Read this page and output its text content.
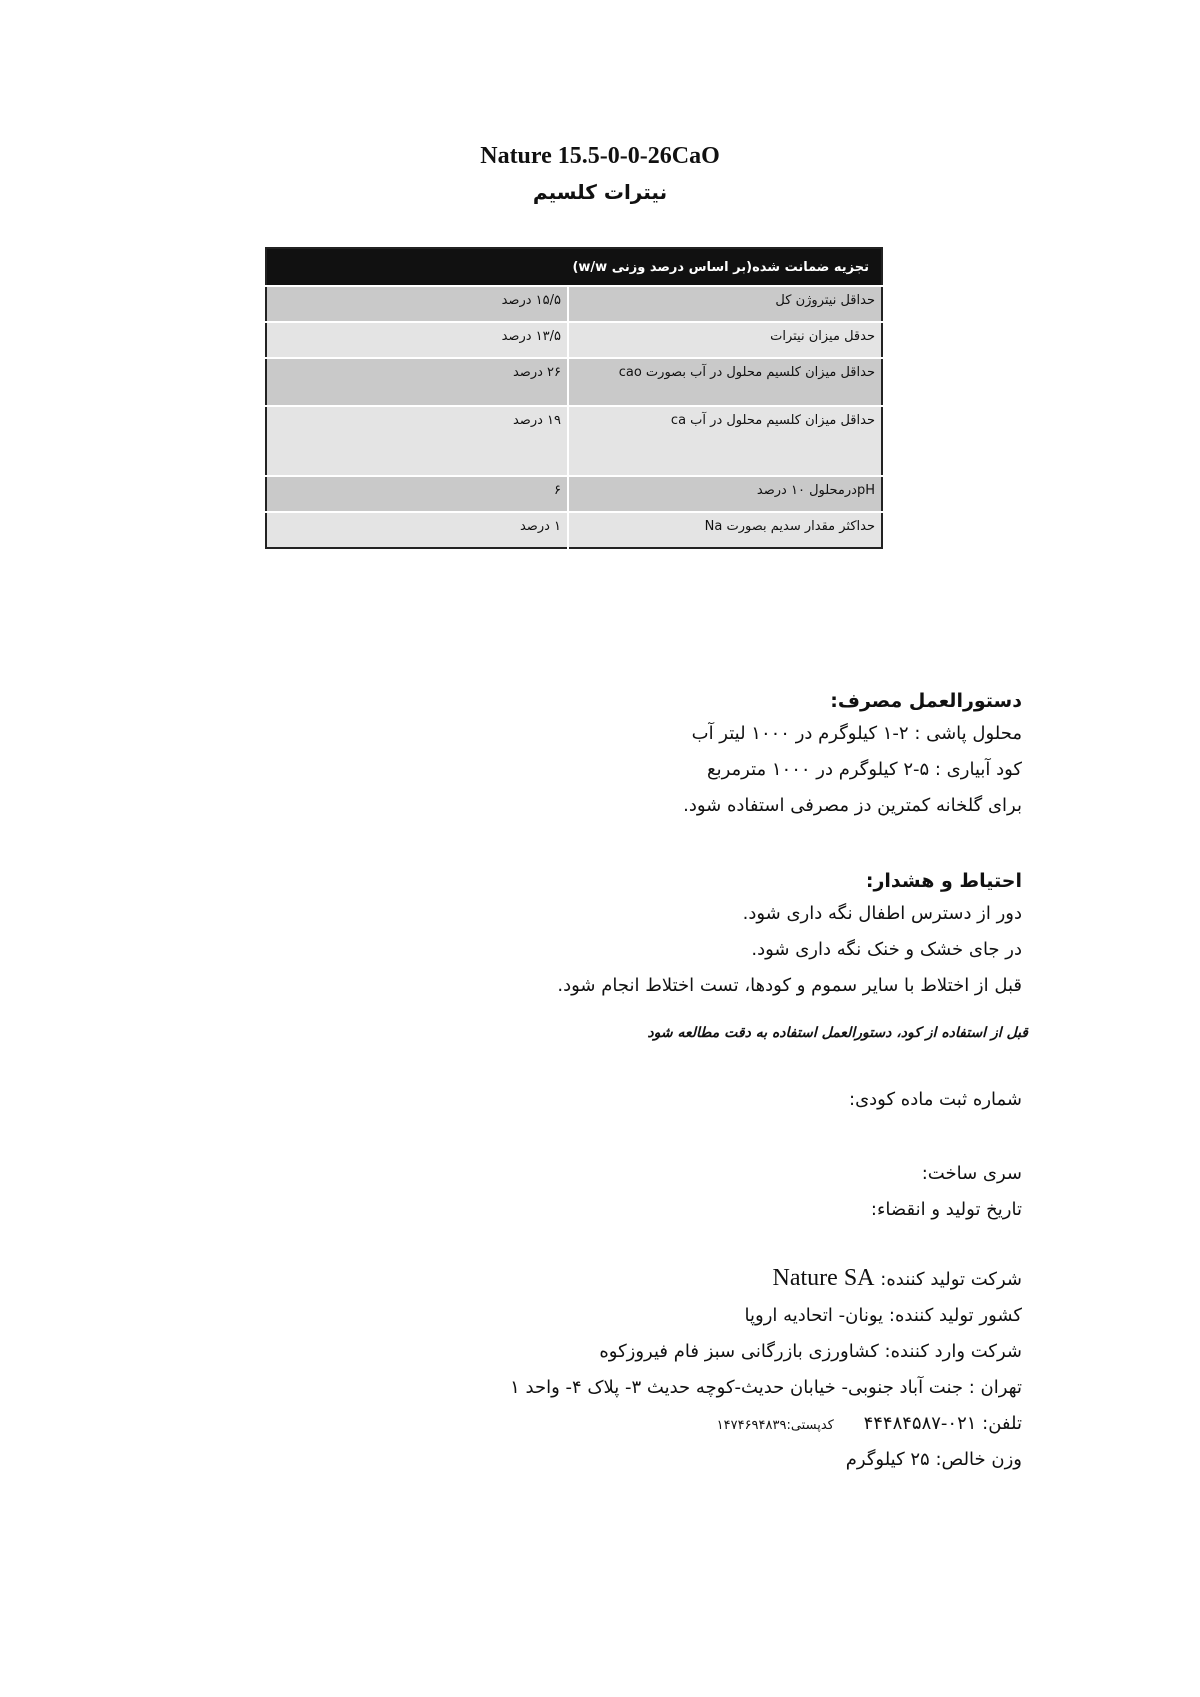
Nature 15.5-0-0-26CaO
نیترات کلسیم
تجزیه ضمانت شده(بر اساس درصد وزنی w/w)	
حداقل نیتروژن کل	۱۵/۵ درصد
حدقل میزان نیترات	۱۳/۵ درصد
حداقل میزان کلسیم محلول در آب بصورت cao	۲۶ درصد
حداقل میزان کلسیم محلول در آب ca	۱۹ درصد
pHدرمحلول ۱۰ درصد	۶
حداکثر مقدار سدیم بصورت Na	۱ درصد
دستورالعمل مصرف:
محلول پاشی : ۲-۱ کیلوگرم در ۱۰۰۰ لیتر آب
کود آبیاری : ۵-۲ کیلوگرم در ۱۰۰۰ مترمربع
برای گلخانه کمترین دز مصرفی استفاده شود.
احتیاط و هشدار:
دور از دسترس اطفال نگه داری شود.
در جای خشک و خنک نگه داری شود.
قبل از اختلاط با سایر سموم و کودها، تست اختلاط انجام شود.
قبل از استفاده از کود، دستورالعمل استفاده به دقت مطالعه شود
شماره ثبت ماده کودی:
سری ساخت:
تاریخ تولید و انقضاء:
شرکت تولید کننده: Nature SA
کشور تولید کننده: یونان- اتحادیه اروپا
شرکت وارد کننده: کشاورزی بازرگانی سبز فام فیروزکوه
تهران : جنت آباد جنوبی- خیابان حدیث-کوچه حدیث ۳- پلاک ۴- واحد ۱
تلفن: ۰۲۱-۴۴۴۸۴۵۸۷ کدپستی:۱۴۷۴۶۹۴۸۳۹
وزن خالص: ۲۵ کیلوگرم
